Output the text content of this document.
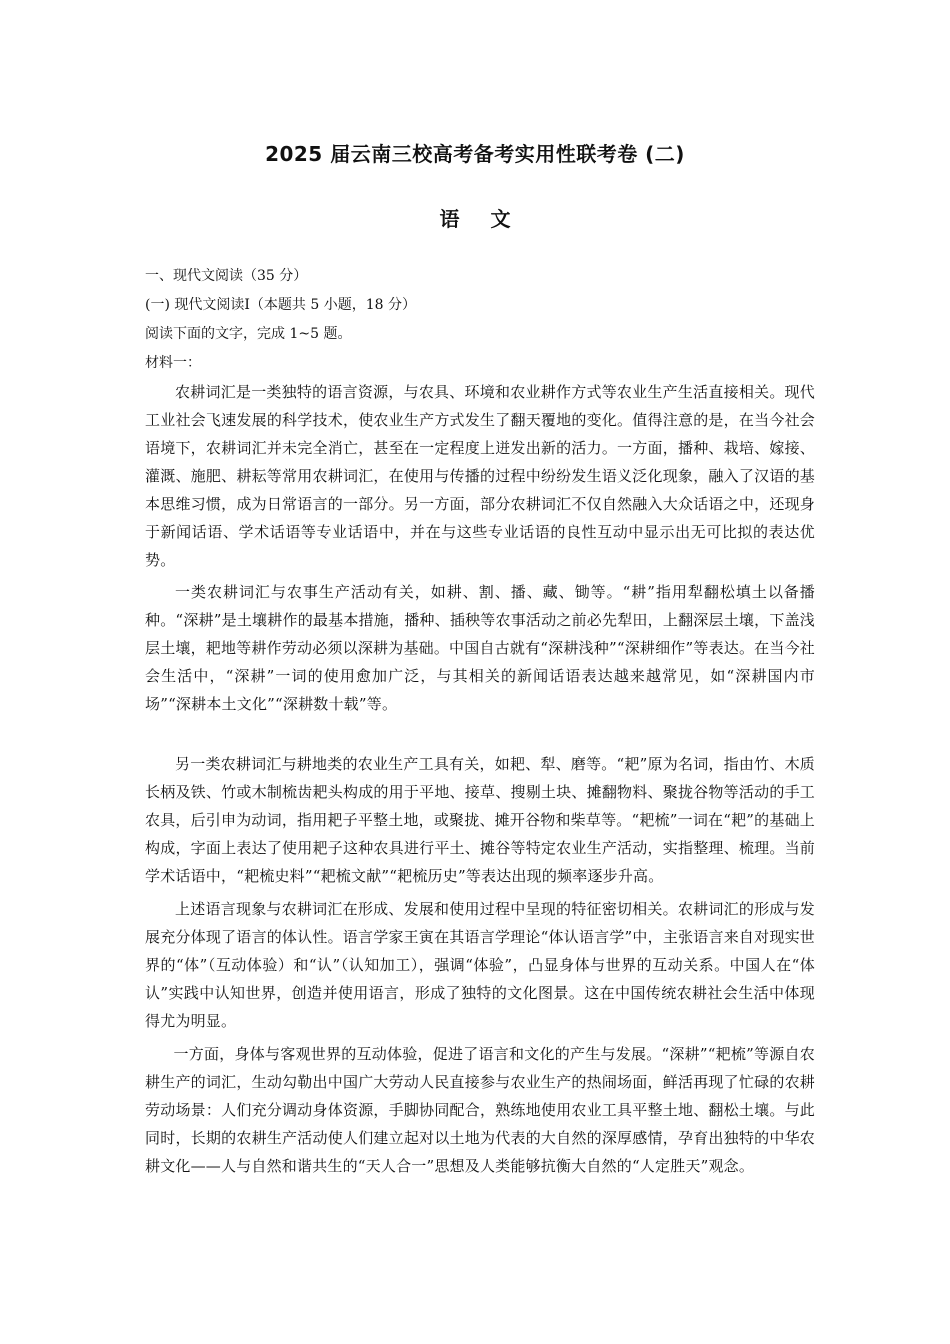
2025 届云南三校高考备考实用性联考卷 (二)
语 文
一、现代文阅读（35 分）
(一) 现代文阅读Ⅰ（本题共 5 小题，18 分）
阅读下面的文字，完成 1~5 题。
材料一：
农耕词汇是一类独特的语言资源，与农具、环境和农业耕作方式等农业生产生活直接相关。现代工业社会飞速发展的科学技术，使农业生产方式发生了翻天覆地的变化。值得注意的是，在当今社会语境下，农耕词汇并未完全消亡，甚至在一定程度上迸发出新的活力。一方面，播种、栽培、嫁接、灌溉、施肥、耕耘等常用农耕词汇，在使用与传播的过程中纷纷发生语义泛化现象，融入了汉语的基本思维习惯，成为日常语言的一部分。另一方面，部分农耕词汇不仅自然融入大众话语之中，还现身于新闻话语、学术话语等专业话语中，并在与这些专业话语的良性互动中显示出无可比拟的表达优势。
一类农耕词汇与农事生产活动有关，如耕、割、播、藏、锄等。“耕”指用犁翻松填土以备播种。“深耕”是土壤耕作的最基本措施，播种、插秧等农事活动之前必先犁田，上翻深层土壤，下盖浅层土壤，耙地等耕作劳动必须以深耕为基础。中国自古就有“深耕浅种”“深耕细作”等表达。在当今社会生活中，“深耕”一词的使用愈加广泛，与其相关的新闻话语表达越来越常见，如“深耕国内市场”“深耕本土文化”“深耕数十载”等。
另一类农耕词汇与耕地类的农业生产工具有关，如耙、犁、磨等。“耙”原为名词，指由竹、木质长柄及铁、竹或木制梳齿耙头构成的用于平地、接草、搜剔土块、摊翻物料、聚拢谷物等活动的手工农具，后引申为动词，指用耙子平整土地，或聚拢、摊开谷物和柴草等。“耙梳”一词在“耙”的基础上构成，字面上表达了使用耙子这种农具进行平土、摊谷等特定农业生产活动，实指整理、梳理。当前学术话语中，“耙梳史料”“耙梳文献”“耙梳历史”等表达出现的频率逐步升高。
上述语言现象与农耕词汇在形成、发展和使用过程中呈现的特征密切相关。农耕词汇的形成与发展充分体现了语言的体认性。语言学家王寅在其语言学理论“体认语言学”中，主张语言来自对现实世界的“体”（互动体验）和“认”（认知加工），强调“体验”，凸显身体与世界的互动关系。中国人在“体认”实践中认知世界，创造并使用语言，形成了独特的文化图景。这在中国传统农耕社会生活中体现得尤为明显。
一方面，身体与客观世界的互动体验，促进了语言和文化的产生与发展。“深耕”“耙梳”等源自农耕生产的词汇，生动勾勒出中国广大劳动人民直接参与农业生产的热闹场面，鲜活再现了忙碌的农耕劳动场景：人们充分调动身体资源，手脚协同配合，熟练地使用农业工具平整土地、翻松土壤。与此同时，长期的农耕生产活动使人们建立起对以土地为代表的大自然的深厚感情，孕育出独特的中华农耕文化——人与自然和谐共生的“天人合一”思想及人类能够抗衡大自然的“人定胜天”观念。
